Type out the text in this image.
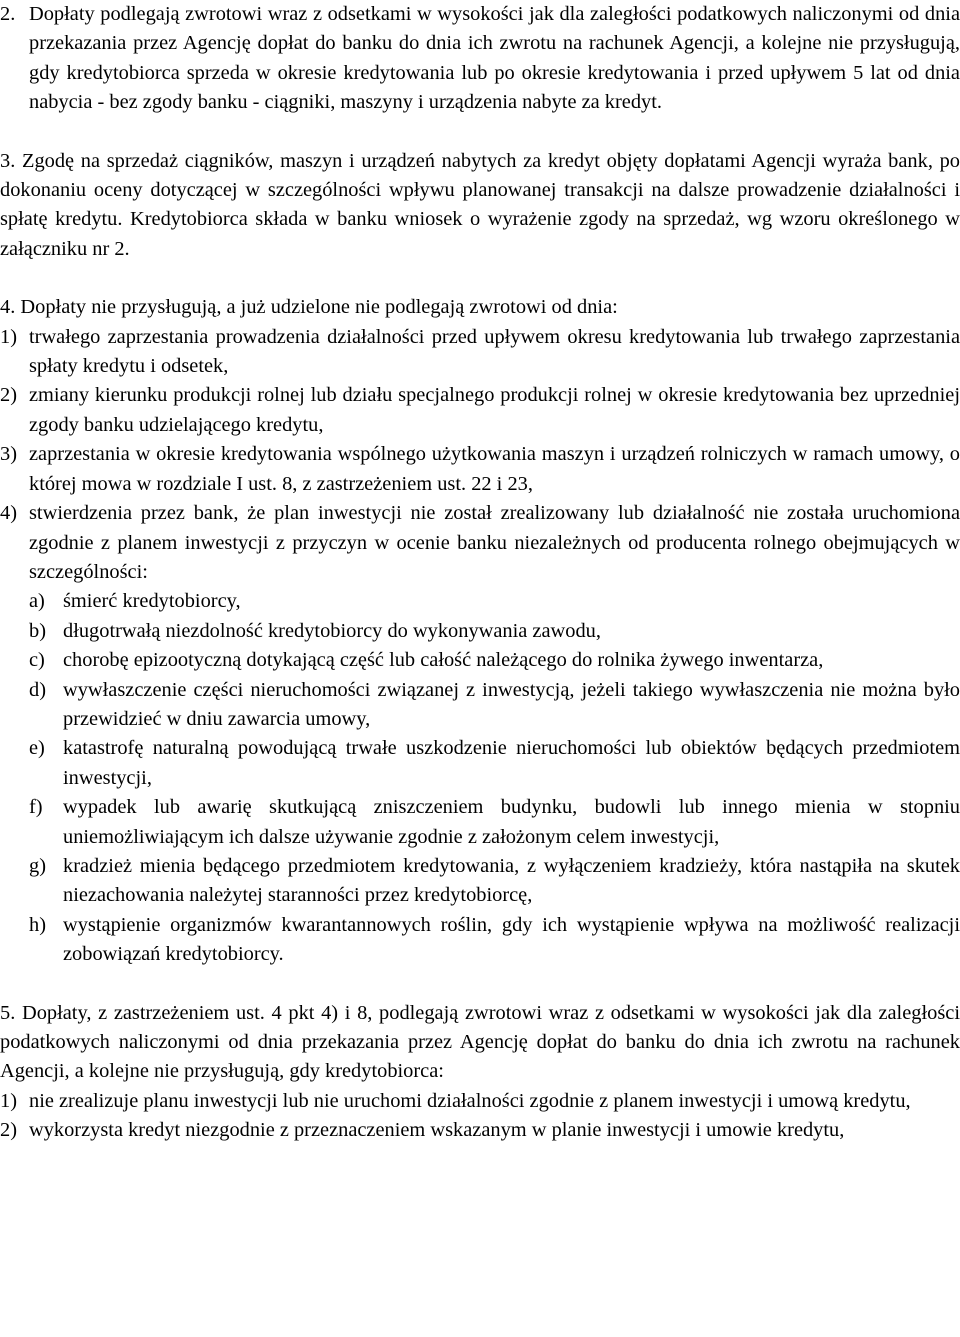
2. Dopłaty podlegają zwrotowi wraz z odsetkami w wysokości jak dla zaległości podatkowych naliczonymi od dnia przekazania przez Agencję dopłat do banku do dnia ich zwrotu na rachunek Agencji, a kolejne nie przysługują, gdy kredytobiorca sprzeda w okresie kredytowania lub po okresie kredytowania i przed upływem 5 lat od dnia nabycia - bez zgody banku - ciągniki, maszyny i urządzenia nabyte za kredyt.
3. Zgodę na sprzedaż ciągników, maszyn i urządzeń nabytych za kredyt objęty dopłatami Agencji wyraża bank, po dokonaniu oceny dotyczącej w szczególności wpływu planowanej transakcji na dalsze prowadzenie działalności i spłatę kredytu. Kredytobiorca składa w banku wniosek o wyrażenie zgody na sprzedaż, wg wzoru określonego w załączniku nr 2.
4. Dopłaty nie przysługują, a już udzielone nie podlegają zwrotowi od dnia:
1) trwałego zaprzestania prowadzenia działalności przed upływem okresu kredytowania lub trwałego zaprzestania spłaty kredytu i odsetek,
2) zmiany kierunku produkcji rolnej lub działu specjalnego produkcji rolnej w okresie kredytowania bez uprzedniej zgody banku udzielającego kredytu,
3) zaprzestania w okresie kredytowania wspólnego użytkowania maszyn i urządzeń rolniczych w ramach umowy, o której mowa w rozdziale I ust. 8, z zastrzeżeniem ust. 22 i 23,
4) stwierdzenia przez bank, że plan inwestycji nie został zrealizowany lub działalność nie została uruchomiona zgodnie z planem inwestycji z przyczyn w ocenie banku niezależnych od producenta rolnego obejmujących w szczególności:
a) śmierć kredytobiorcy,
b) długotrwałą niezdolność kredytobiorcy do wykonywania zawodu,
c) chorobę epizootyczną dotykającą część lub całość należącego do rolnika żywego inwentarza,
d) wywłaszczenie części nieruchomości związanej z inwestycją, jeżeli takiego wywłaszczenia nie można było przewidzieć w dniu zawarcia umowy,
e) katastrofę naturalną powodującą trwałe uszkodzenie nieruchomości lub obiektów będących przedmiotem inwestycji,
f)	wypadek lub awarię skutkującą zniszczeniem budynku, budowli lub innego mienia w stopniu uniemożliwiającym ich dalsze używanie zgodnie z założonym celem inwestycji,
g) kradzież mienia będącego przedmiotem kredytowania, z wyłączeniem kradzieży, która nastąpiła na skutek niezachowania należytej staranności przez kredytobiorcę,
h) wystąpienie organizmów kwarantannowych roślin, gdy ich wystąpienie wpływa na możliwość realizacji zobowiązań kredytobiorcy.
5. Dopłaty, z zastrzeżeniem ust. 4 pkt 4) i 8, podlegają zwrotowi wraz z odsetkami w wysokości jak dla zaległości podatkowych naliczonymi od dnia przekazania przez Agencję dopłat do banku do dnia ich zwrotu na rachunek Agencji, a kolejne nie przysługują, gdy kredytobiorca:
1) nie zrealizuje planu inwestycji lub nie uruchomi działalności zgodnie z planem inwestycji i umową kredytu,
2) wykorzysta kredyt niezgodnie z przeznaczeniem wskazanym w planie inwestycji i umowie kredytu,
